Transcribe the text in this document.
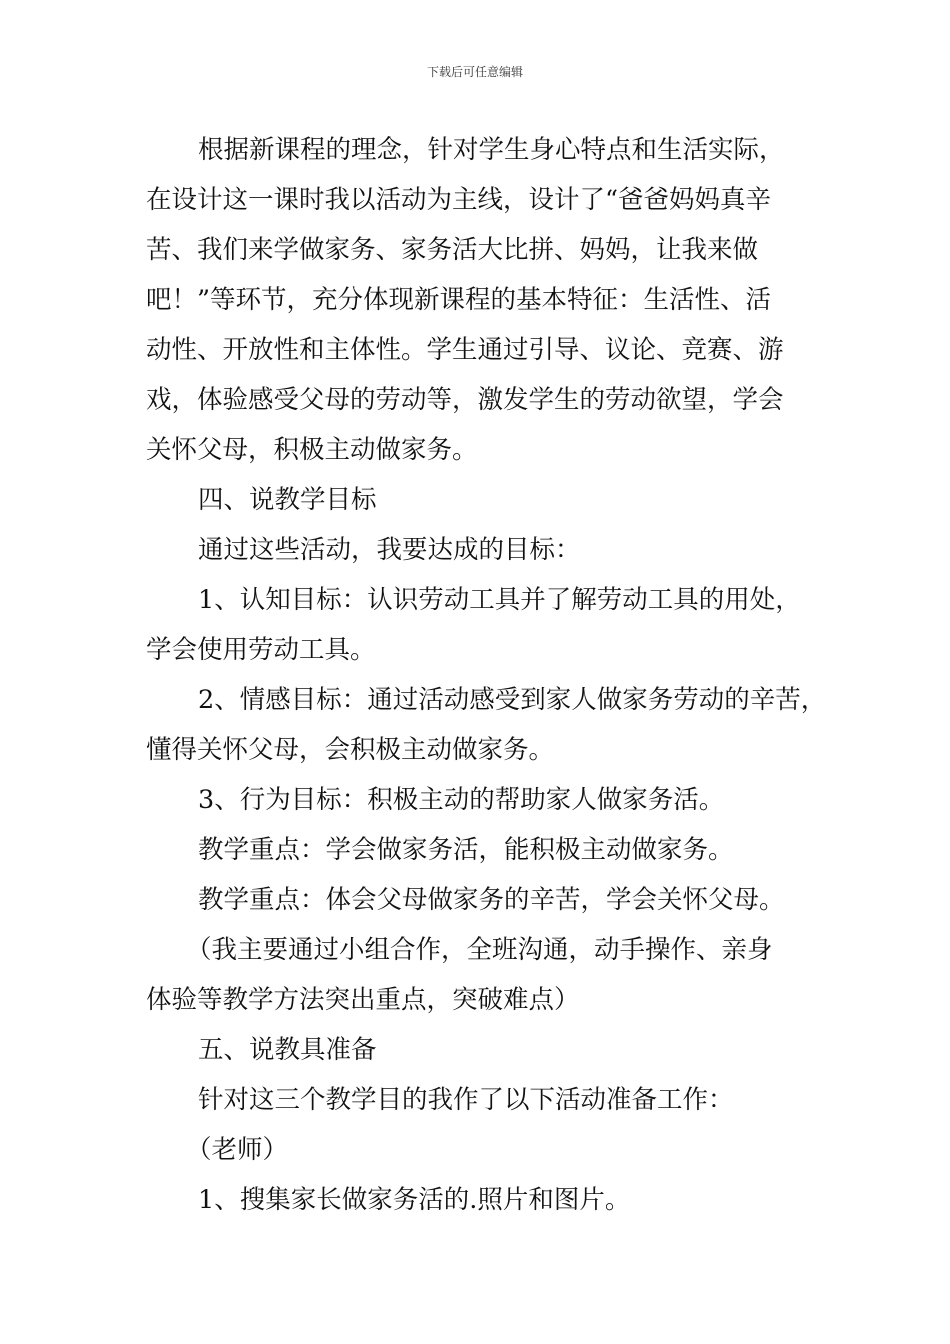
下载后可任意编辑

根据新课程的理念，针对学生身心特点和生活实际，
在设计这一课时我以活动为主线，设计了“爸爸妈妈真辛
苦、我们来学做家务、家务活大比拼、妈妈，让我来做
吧！”等环节，充分体现新课程的基本特征：生活性、活
动性、开放性和主体性。学生通过引导、议论、竞赛、游
戏，体验感受父母的劳动等，激发学生的劳动欲望，学会
关怀父母，积极主动做家务。

四、说教学目标

通过这些活动，我要达成的目标：

1、认知目标：认识劳动工具并了解劳动工具的用处，
学会使用劳动工具。

2、情感目标：通过活动感受到家人做家务劳动的辛苦，
懂得关怀父母，会积极主动做家务。

3、行为目标：积极主动的帮助家人做家务活。

教学重点：学会做家务活，能积极主动做家务。

教学重点：体会父母做家务的辛苦，学会关怀父母。

（我主要通过小组合作，全班沟通，动手操作、亲身
体验等教学方法突出重点，突破难点）

五、说教具准备

针对这三个教学目的我作了以下活动准备工作：

（老师）

1、搜集家长做家务活的.照片和图片。
